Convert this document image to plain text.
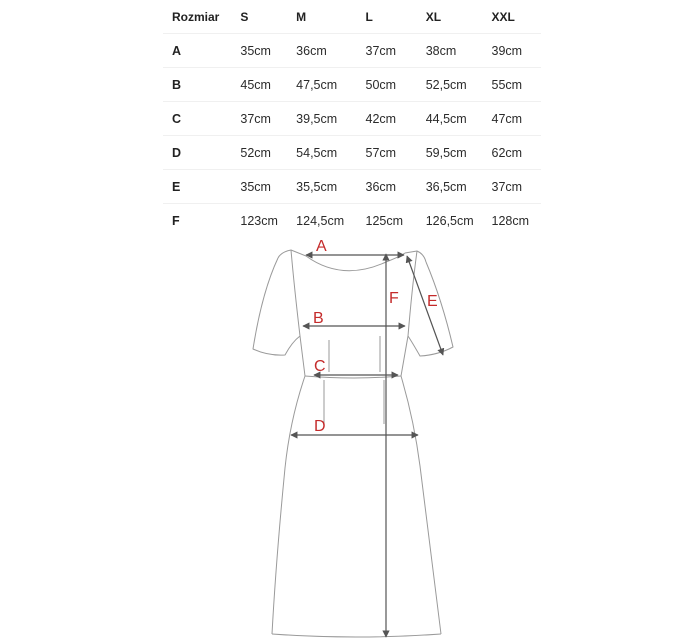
Rozmiar	S	M	L	XL	XXL
A	35cm	36cm	37cm	38cm	39cm
B	45cm	47,5cm	50cm	52,5cm	55cm
C	37cm	39,5cm	42cm	44,5cm	47cm
D	52cm	54,5cm	57cm	59,5cm	62cm
E	35cm	35,5cm	36cm	36,5cm	37cm
F	123cm	124,5cm	125cm	126,5cm	128cm
A
B
C
D
E
F
